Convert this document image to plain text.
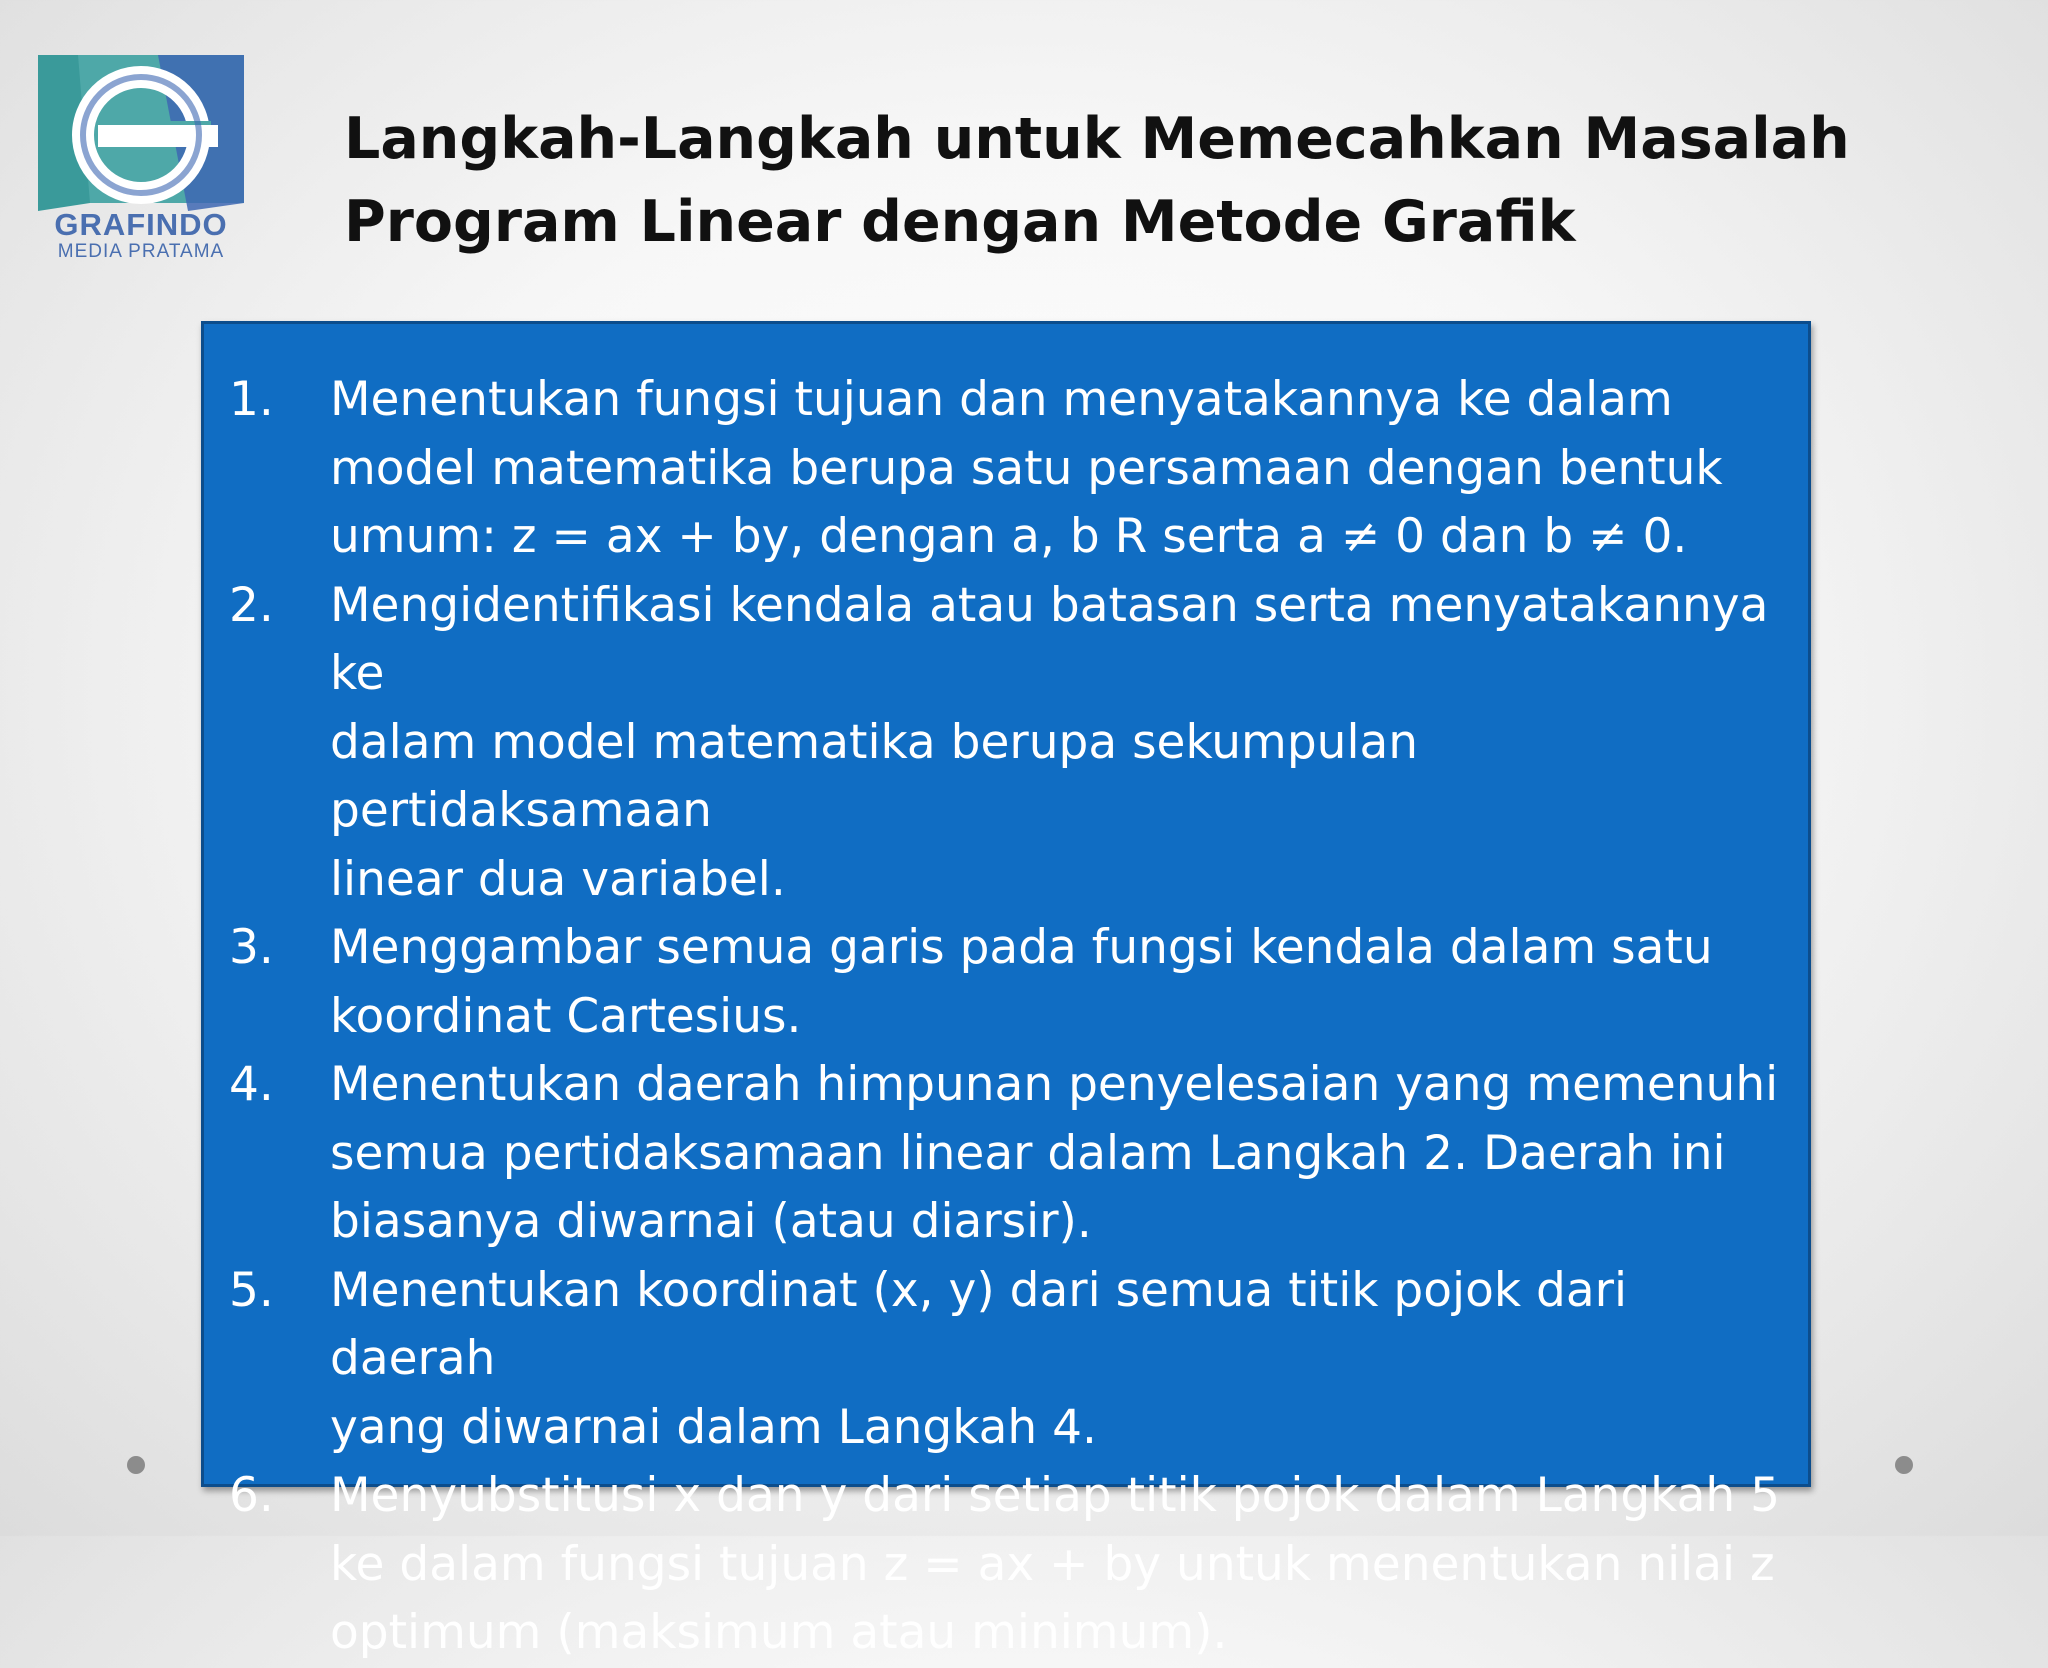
GRAFINDO
MEDIA PRATAMA
Langkah-Langkah untuk Memecahkan Masalah
Program Linear dengan Metode Grafik
1. Menentukan fungsi tujuan dan menyatakannya ke dalam
model matematika berupa satu persamaan dengan bentuk
umum: z = ax + by, dengan a, b R serta a ≠ 0 dan b ≠ 0.
2. Mengidentifikasi kendala atau batasan serta menyatakannya ke
dalam model matematika berupa sekumpulan pertidaksamaan
linear dua variabel.
3. Menggambar semua garis pada fungsi kendala dalam satu
koordinat Cartesius.
4. Menentukan daerah himpunan penyelesaian yang memenuhi
semua pertidaksamaan linear dalam Langkah 2. Daerah ini
biasanya diwarnai (atau diarsir).
5. Menentukan koordinat (x, y) dari semua titik pojok dari daerah
yang diwarnai dalam Langkah 4.
6. Menyubstitusi x dan y dari setiap titik pojok dalam Langkah 5
ke dalam fungsi tujuan z = ax + by untuk menentukan nilai z
optimum (maksimum atau minimum).
